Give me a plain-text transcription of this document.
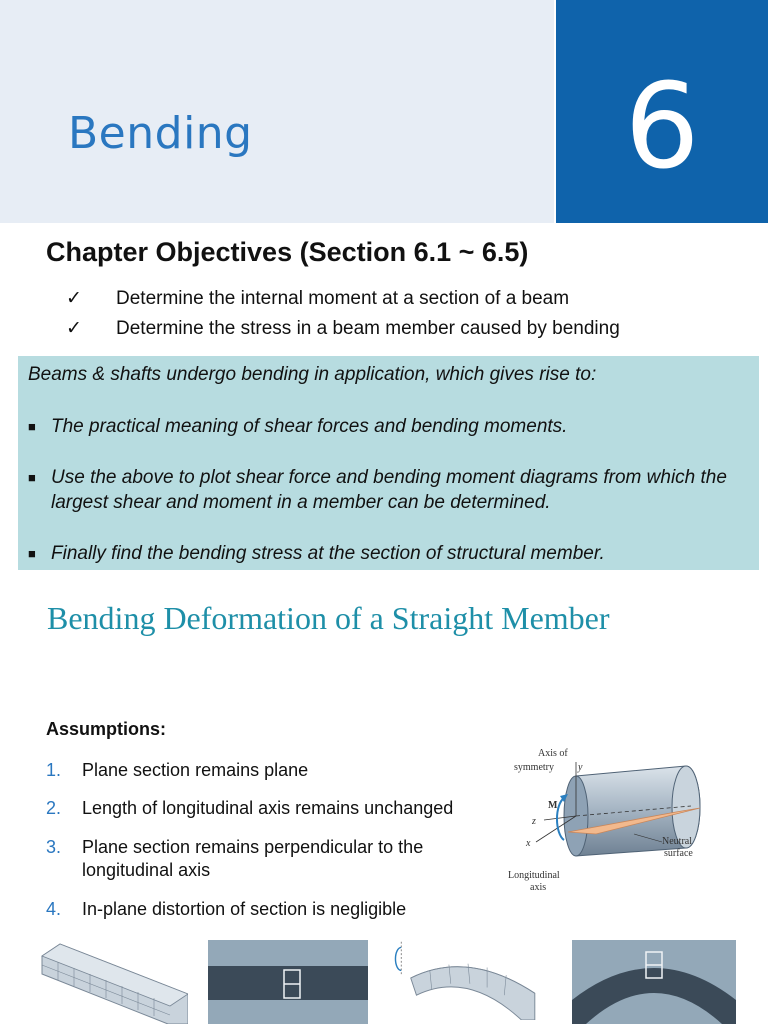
Bending	6
Chapter Objectives (Section 6.1 ~ 6.5)
✓ Determine the internal moment at a section of a beam
✓ Determine the stress in a beam member caused by bending
Beams & shafts undergo bending in application, which gives rise to:
■ The practical meaning of shear forces and bending moments.
■ Use the above to plot shear force and bending moment diagrams from which the largest shear and moment in a member can be determined.
■ Finally find the bending stress at the section of structural member.
Bending Deformation of a Straight Member
Assumptions:
1. Plane section remains plane
2. Length of longitudinal axis remains unchanged
3. Plane section remains perpendicular to the
longitudinal axis
4. In-plane distortion of section is negligible
Axis of
symmetry y
M
z
x	Neutral
surface
Longitudinal
axis
